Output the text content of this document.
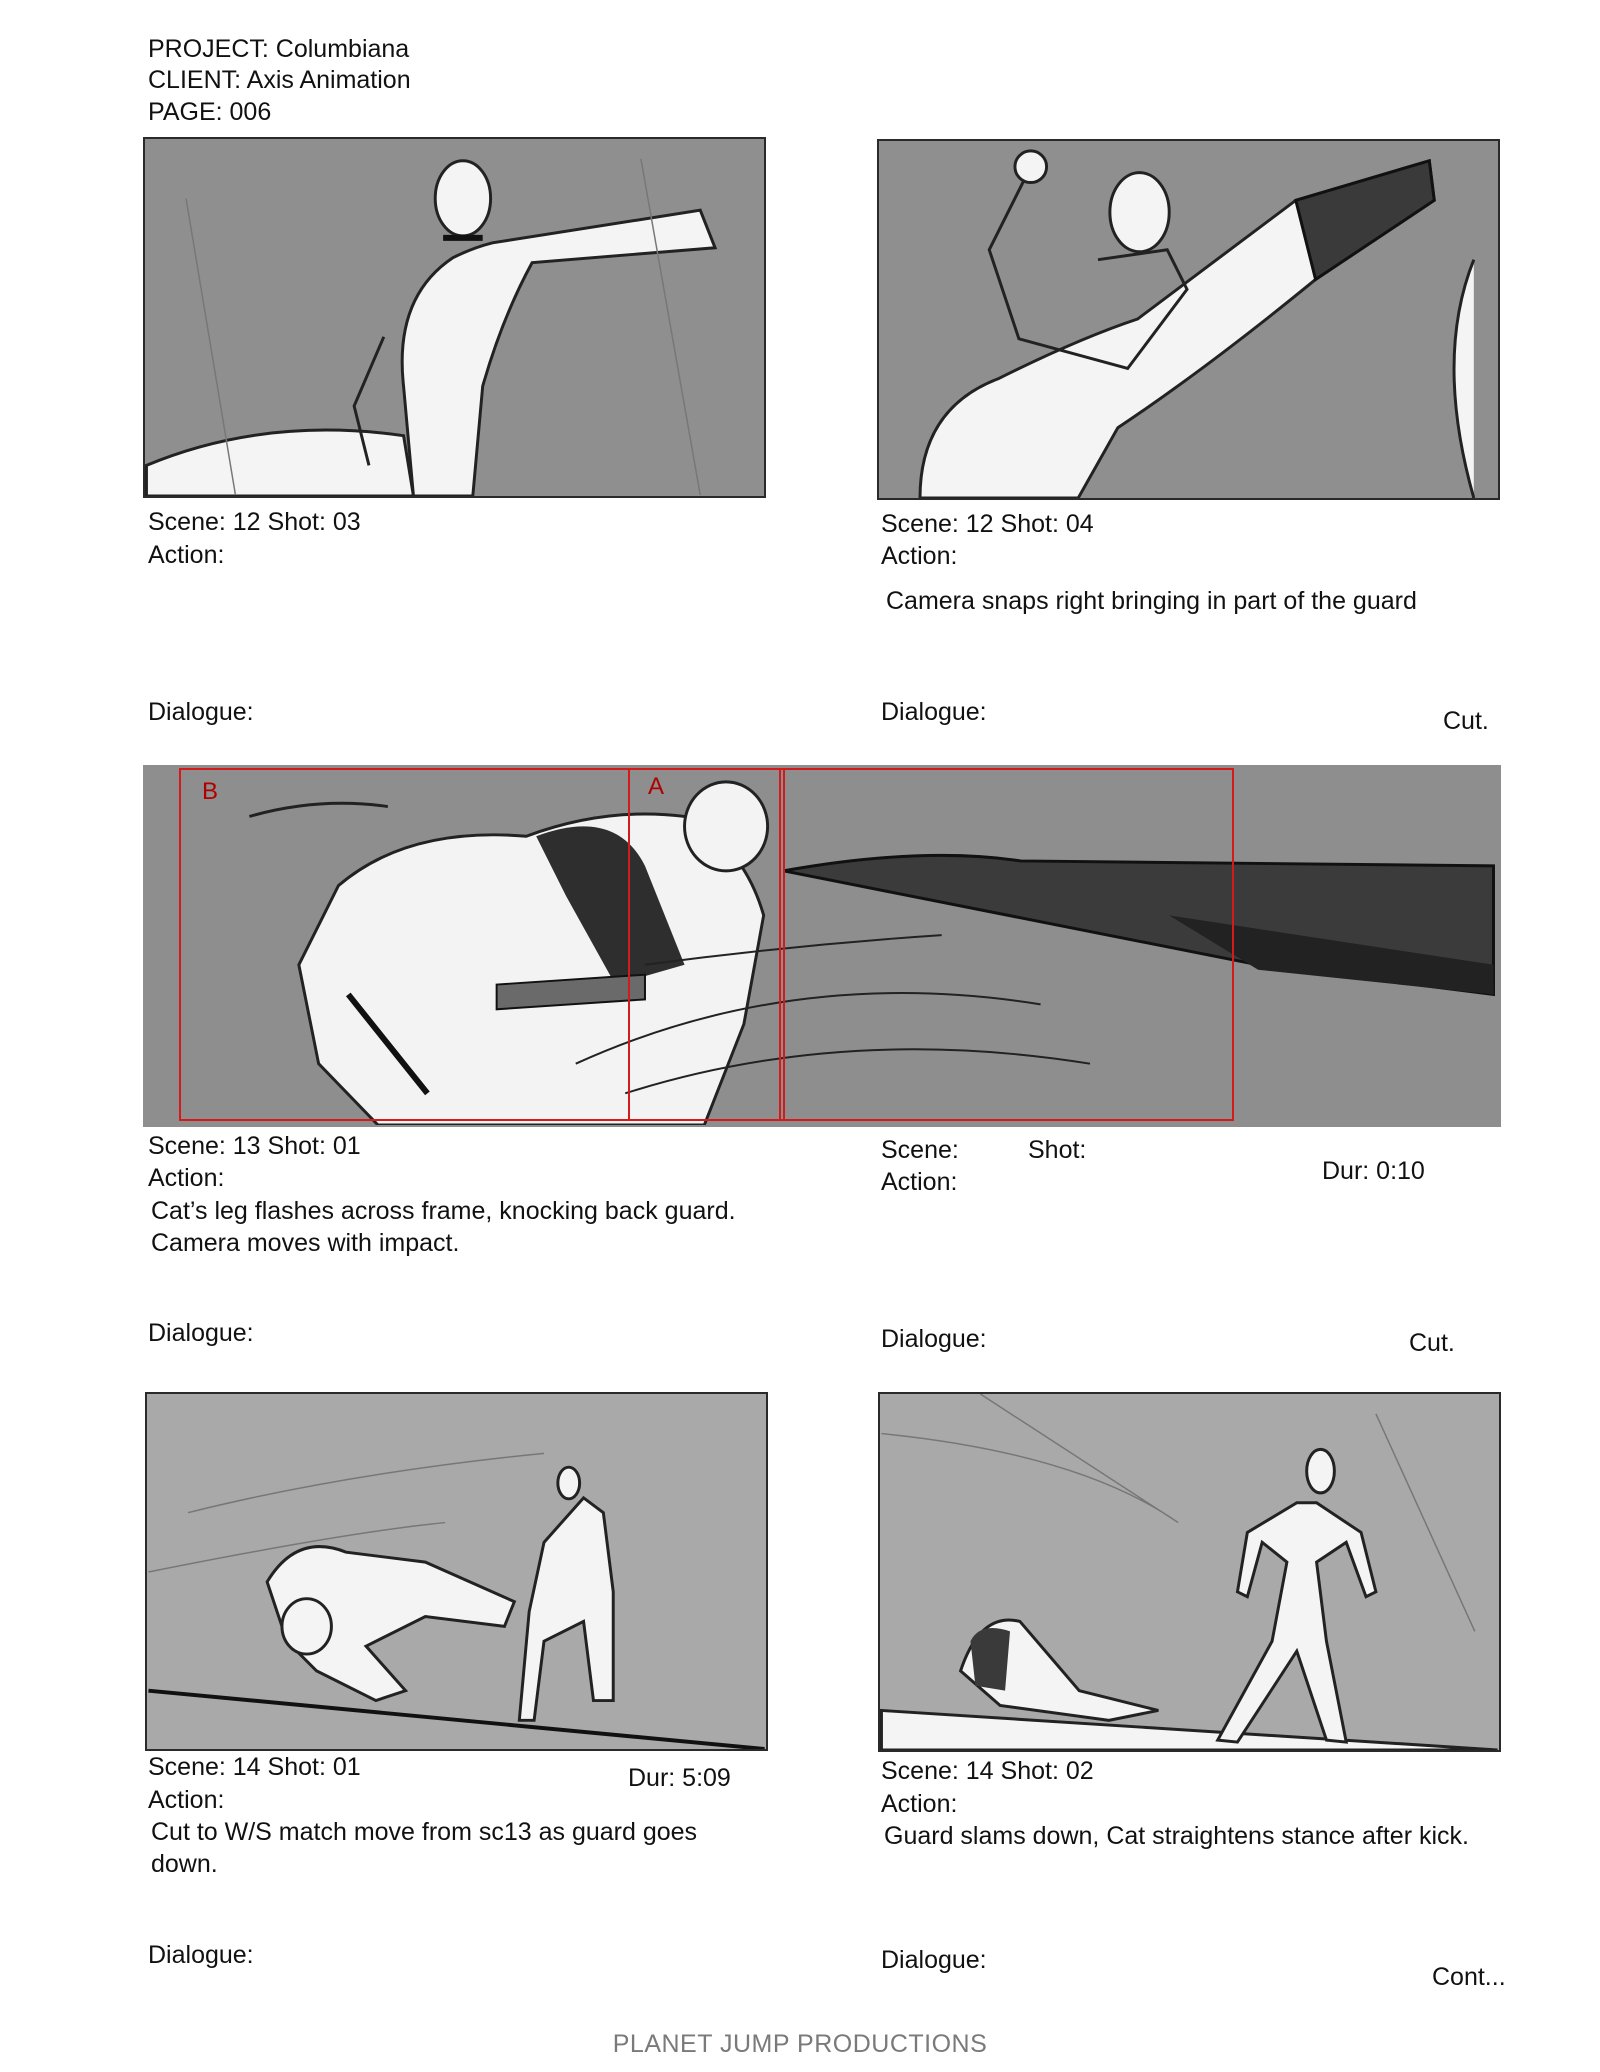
PROJECT: Columbiana
CLIENT: Axis Animation
PAGE: 006
Scene: 12 Shot: 03
Action:
Dialogue:
Scene: 12 Shot: 04
Action:
Camera snaps right bringing in part of the guard
Dialogue:	Cut.
B	A
Scene: 13 Shot: 01
Action:
Cat’s leg flashes across frame, knocking back guard.
Camera moves with impact.
Dialogue:
Scene:	Shot:
Action:	Dur: 0:10
Dialogue:	Cut.
Scene: 14 Shot: 01	Dur: 5:09
Action:
Cut to W/S match move from sc13 as guard goes
down.
Dialogue:
Scene: 14 Shot: 02
Action:
Guard slams down, Cat straightens stance after kick.
Dialogue:
Cont...
PLANET JUMP PRODUCTIONS
